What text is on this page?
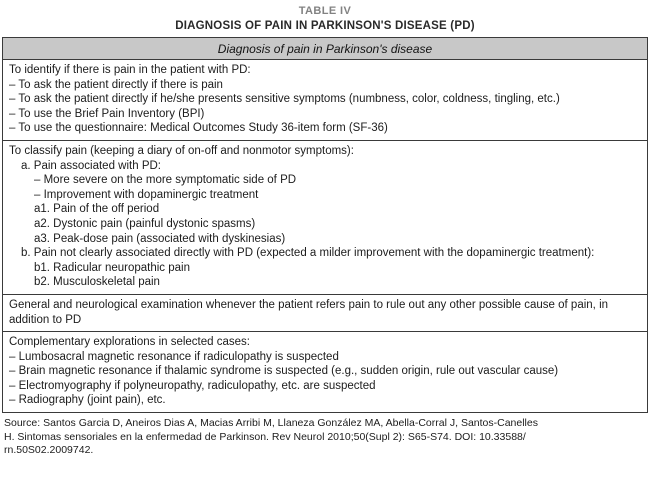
TABLE IV
DIAGNOSIS OF PAIN IN PARKINSON'S DISEASE (PD)
Diagnosis of pain in Parkinson's disease
To identify if there is pain in the patient with PD:
– To ask the patient directly if there is pain
– To ask the patient directly if he/she presents sensitive symptoms (numbness, color, coldness, tingling, etc.)
– To use the Brief Pain Inventory (BPI)
– To use the questionnaire: Medical Outcomes Study 36-item form (SF-36)
To classify pain (keeping a diary of on-off and nonmotor symptoms):
a. Pain associated with PD:
– More severe on the more symptomatic side of PD
– Improvement with dopaminergic treatment
a1. Pain of the off period
a2. Dystonic pain (painful dystonic spasms)
a3. Peak-dose pain (associated with dyskinesias)
b. Pain not clearly associated directly with PD (expected a milder improvement with the dopaminergic treatment):
b1. Radicular neuropathic pain
b2. Musculoskeletal pain
General and neurological examination whenever the patient refers pain to rule out any other possible cause of pain, in addition to PD
Complementary explorations in selected cases:
– Lumbosacral magnetic resonance if radiculopathy is suspected
– Brain magnetic resonance if thalamic syndrome is suspected (e.g., sudden origin, rule out vascular cause)
– Electromyography if polyneuropathy, radiculopathy, etc. are suspected
– Radiography (joint pain), etc.
Source: Santos Garcia D, Aneiros Dias A, Macias Arribi M, Llaneza González MA, Abella-Corral J, Santos-Canelles
H. Sintomas sensoriales en la enfermedad de Parkinson. Rev Neurol 2010;50(Supl 2): S65-S74. DOI: 10.33588/
rn.50S02.2009742.
